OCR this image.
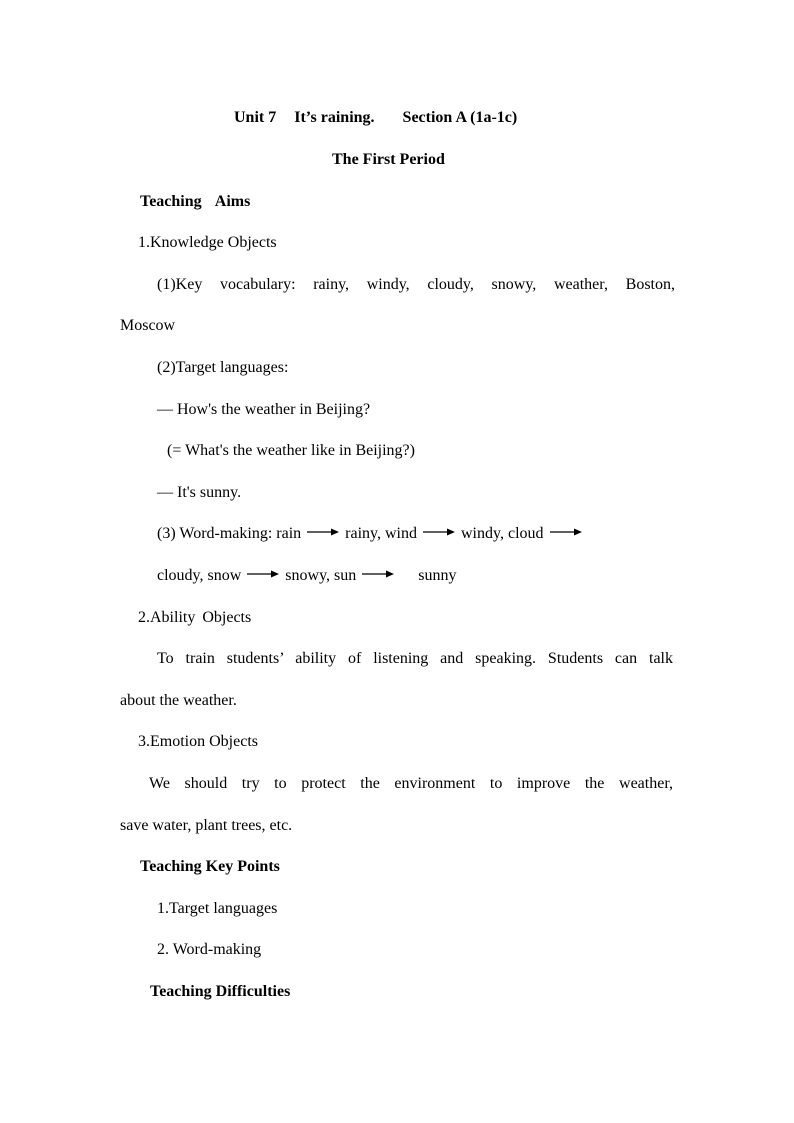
Unit 7 It’s raining. Section A (1a-1c)
The First Period
Teaching Aims
1.Knowledge Objects
(1)Key vocabulary: rainy, windy, cloudy, snowy, weather, Boston,
Moscow
(2)Target languages:
— How's the weather in Beijing?
(= What's the weather like in Beijing?)
— It's sunny.
(3) Word-making: rain	rainy, wind	windy, cloud
cloudy, snow	snowy, sun	sunny
2.Ability Objects
To train students’ ability of listening and speaking. Students can talk
about the weather.
3.Emotion Objects
We should try to protect the environment to improve the weather,
save water, plant trees, etc.
Teaching Key Points
1.Target languages
2. Word-making
Teaching Difficulties
